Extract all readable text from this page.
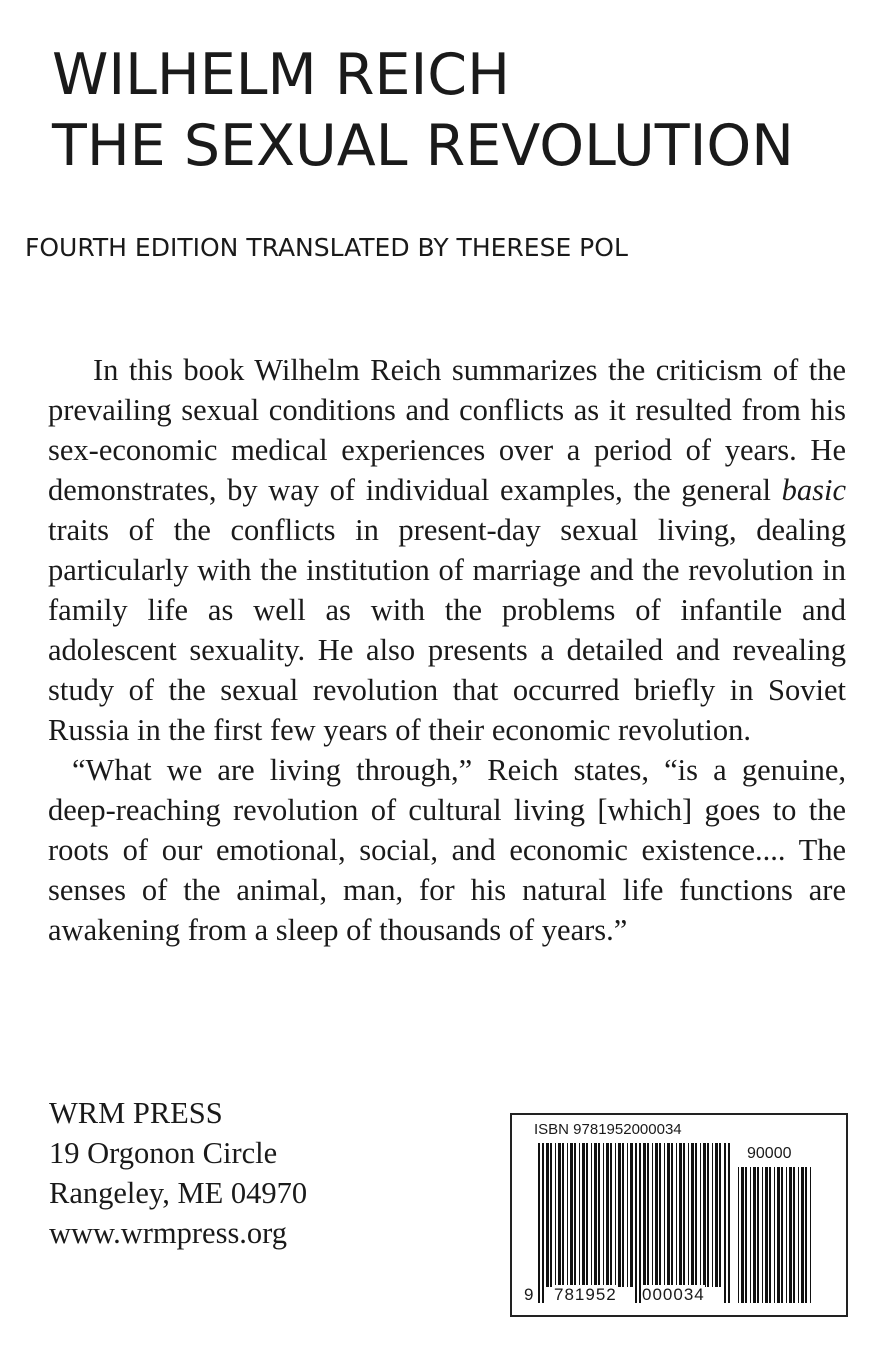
WILHELM REICH
THE SEXUAL REVOLUTION
FOURTH EDITION TRANSLATED BY THERESE POL

In this book Wilhelm Reich summarizes the criticism of the prevailing sexual conditions and conflicts as it resulted from his sex-economic medical experiences over a period of years. He demonstrates, by way of individual examples, the general basic traits of the conflicts in present-day sexual living, dealing particularly with the institution of marriage and the revolution in family life as well as with the problems of infantile and adolescent sexuality. He also presents a detailed and revealing study of the sexual revolution that occurred briefly in Soviet Russia in the first few years of their economic revolution.

“What we are living through,” Reich states, “is a genuine, deep-reaching revolution of cultural living [which] goes to the roots of our emotional, social, and economic existence.... The senses of the animal, man, for his natural life functions are awakening from a sleep of thousands of years.”

WRM PRESS
19 Orgonon Circle
Rangeley, ME 04970
www.wrmpress.org
ISBN 9781952000034
90000
9 781952 000034
